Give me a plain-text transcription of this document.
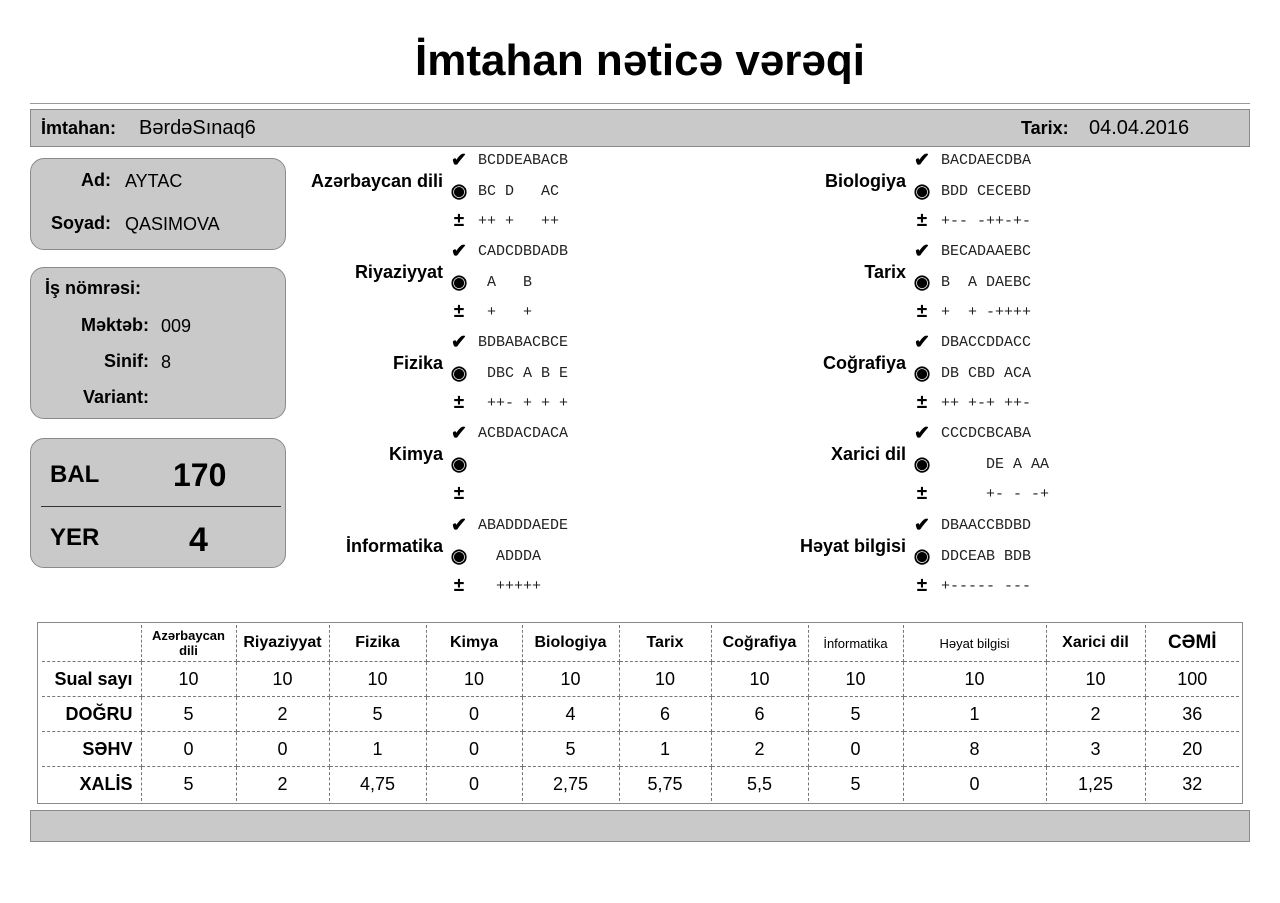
İmtahan nəticə vərəqi
İmtahan: BərdəSınaq6	Tarix: 04.04.2016
Ad: AYTAC
Soyad: QASIMOVA
İş nömrəsi:
Məktəb: 009
Sinif: 8
Variant:
BAL 170
YER	4
Azərbaycan dili
✔ BCDDEABACB
◉ BC D   AC
± ++ +   ++
Biologiya
✔ BACDAECDBA
◉ BDD CECEBD
± +-- -++-+-
Riyaziyyat
✔ CADCDBDADB
◉ A   B
± +   +
Tarix
✔ BECADAAEBC
◉ B  A DAEBC
± +  + -++++
Fizika
✔ BDBABACBCE
◉ DBC A B E
± ++- + + +
Coğrafiya
✔ DBACCDDACC
◉ DB CBD ACA
± ++ +-+ ++-
Kimya
✔ ACBDACDACA
◉
±
Xarici dil
✔ CCCDCBCABA
◉ DE A AA
± +- - -+
İnformatika
✔ ABADDDAEDE
◉ ADDDA
± +++++
Həyat bilgisi
✔ DBAACCBDBD
◉ DDCEAB BDB
± +----- ---
	Azərbaycan dili	Riyaziyyat	Fizika	Kimya	Biologiya	Tarix	Coğrafiya	İnformatika	Həyat bilgisi	Xarici dil	CƏMİ
Sual sayı	10	10	10	10	10	10	10	10	10	10	100
DOĞRU	5	2	5	0	4	6	6	5	1	2	36
SƏHV	0	0	1	0	5	1	2	0	8	3	20
XALİS	5	2	4,75	0	2,75	5,75	5,5	5	0	1,25	32
